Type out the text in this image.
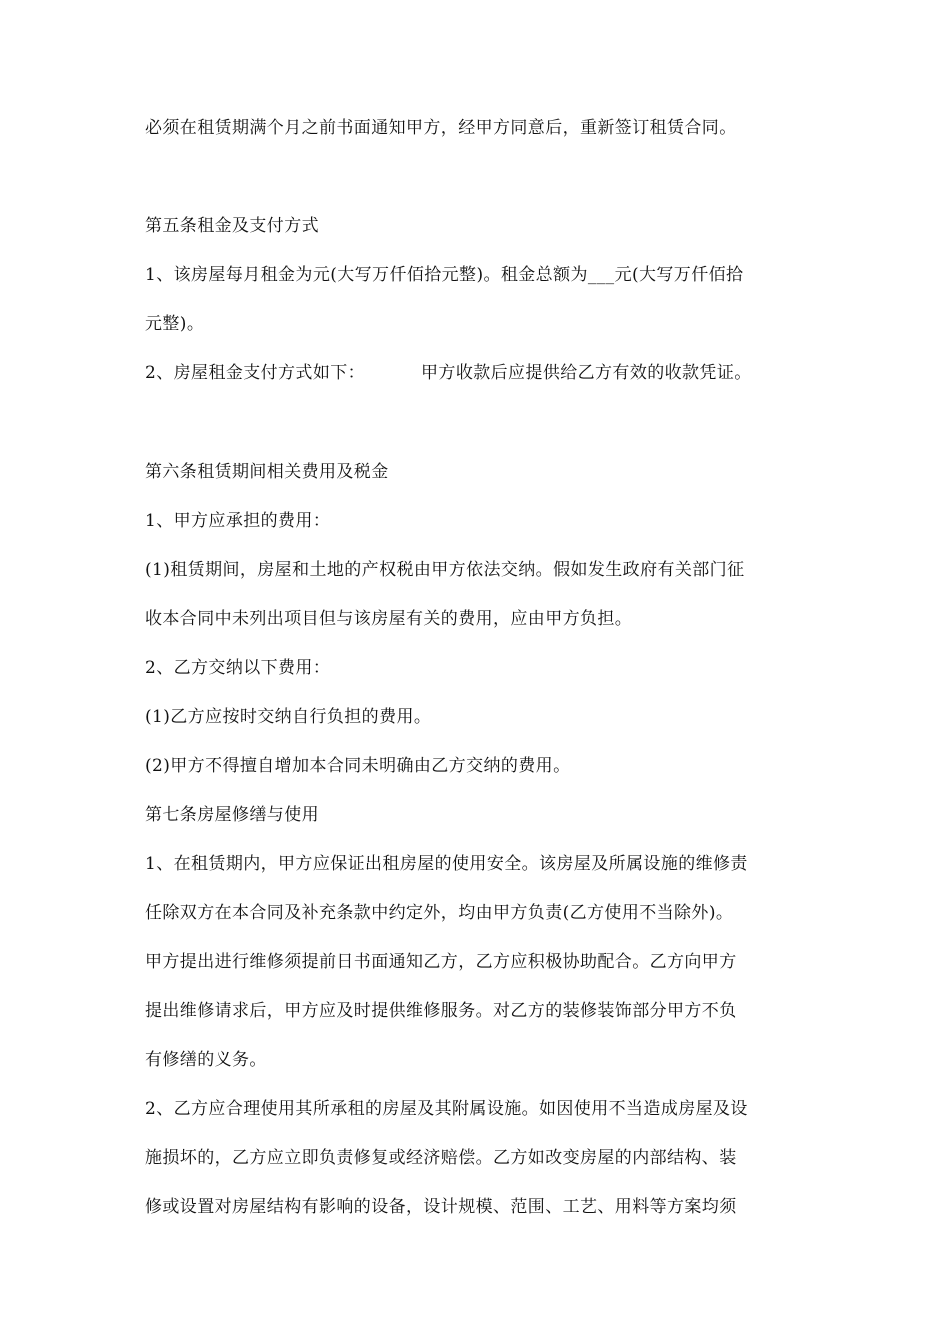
必须在租赁期满个月之前书面通知甲方，经甲方同意后，重新签订租赁合同。

第五条租金及支付方式

1、该房屋每月租金为元(大写万仟佰拾元整)。租金总额为___元(大写万仟佰拾

元整)。

2、房屋租金支付方式如下：	甲方收款后应提供给乙方有效的收款凭证。

第六条租赁期间相关费用及税金

1、甲方应承担的费用：

(1)租赁期间，房屋和土地的产权税由甲方依法交纳。假如发生政府有关部门征

收本合同中未列出项目但与该房屋有关的费用，应由甲方负担。

2、乙方交纳以下费用：

(1)乙方应按时交纳自行负担的费用。

(2)甲方不得擅自增加本合同未明确由乙方交纳的费用。

第七条房屋修缮与使用

1、在租赁期内，甲方应保证出租房屋的使用安全。该房屋及所属设施的维修责

任除双方在本合同及补充条款中约定外，均由甲方负责(乙方使用不当除外)。

甲方提出进行维修须提前日书面通知乙方，乙方应积极协助配合。乙方向甲方

提出维修请求后，甲方应及时提供维修服务。对乙方的装修装饰部分甲方不负

有修缮的义务。

2、乙方应合理使用其所承租的房屋及其附属设施。如因使用不当造成房屋及设

施损坏的，乙方应立即负责修复或经济赔偿。乙方如改变房屋的内部结构、装

修或设置对房屋结构有影响的设备，设计规模、范围、工艺、用料等方案均须
